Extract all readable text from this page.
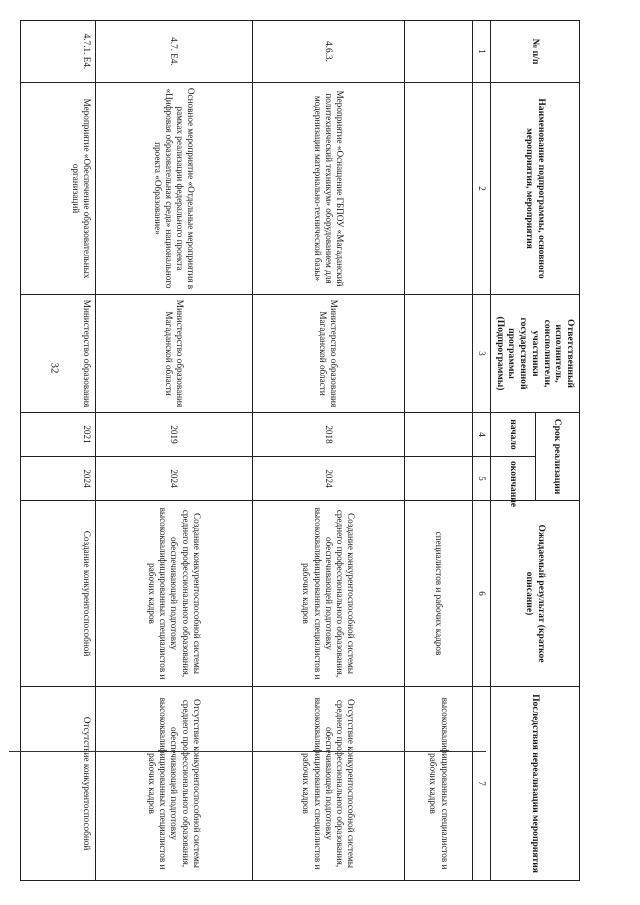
32
№ п/п	Наименование подпрограммы, основного мероприятия, мероприятия	Ответственный исполнитель, соисполнители, участники государственной программы (Подпрограммы)	Срок реализации		Ожидаемый результат (краткое описание)	Последствия нереализации мероприятия
			начало	окончание		
1	2	3	4	5	6	7
					специалистов и рабочих кадров	высококвалифицированных специалистов и рабочих кадров
4.6.3.	Мероприятие «Оснащение ГБПОУ «Магаданский политехнический техникум» оборудованием для модернизации материально-технической базы»	Министерство образования Магаданской области	2018	2024	Создание конкурентоспособной системы среднего профессионального образования, обеспечивающей подготовку высококвалифицированных специалистов и рабочих кадров	Отсутствие конкурентоспособной системы среднего профессионального образования, обеспечивающей подготовку высококвалифицированных специалистов и рабочих кадров
4.7. Е4.	Основное мероприятие «Отдельные мероприятия в рамках реализации федерального проекта «Цифровая образовательная среда» национального проекта «Образование»	Министерство образования Магаданской области	2019	2024	Создание конкурентоспособной системы среднего профессионального образования, обеспечивающей подготовку высококвалифицированных специалистов и рабочих кадров	Отсутствие конкурентоспособной системы среднего профессионального образования, обеспечивающей подготовку высококвалифицированных специалистов и рабочих кадров
4.7.1. Е4.	Мероприятие «Обеспечение образовательных организаций	Министерство образования	2021	2024	Создание конкурентоспособной	Отсутствие конкурентоспособной
